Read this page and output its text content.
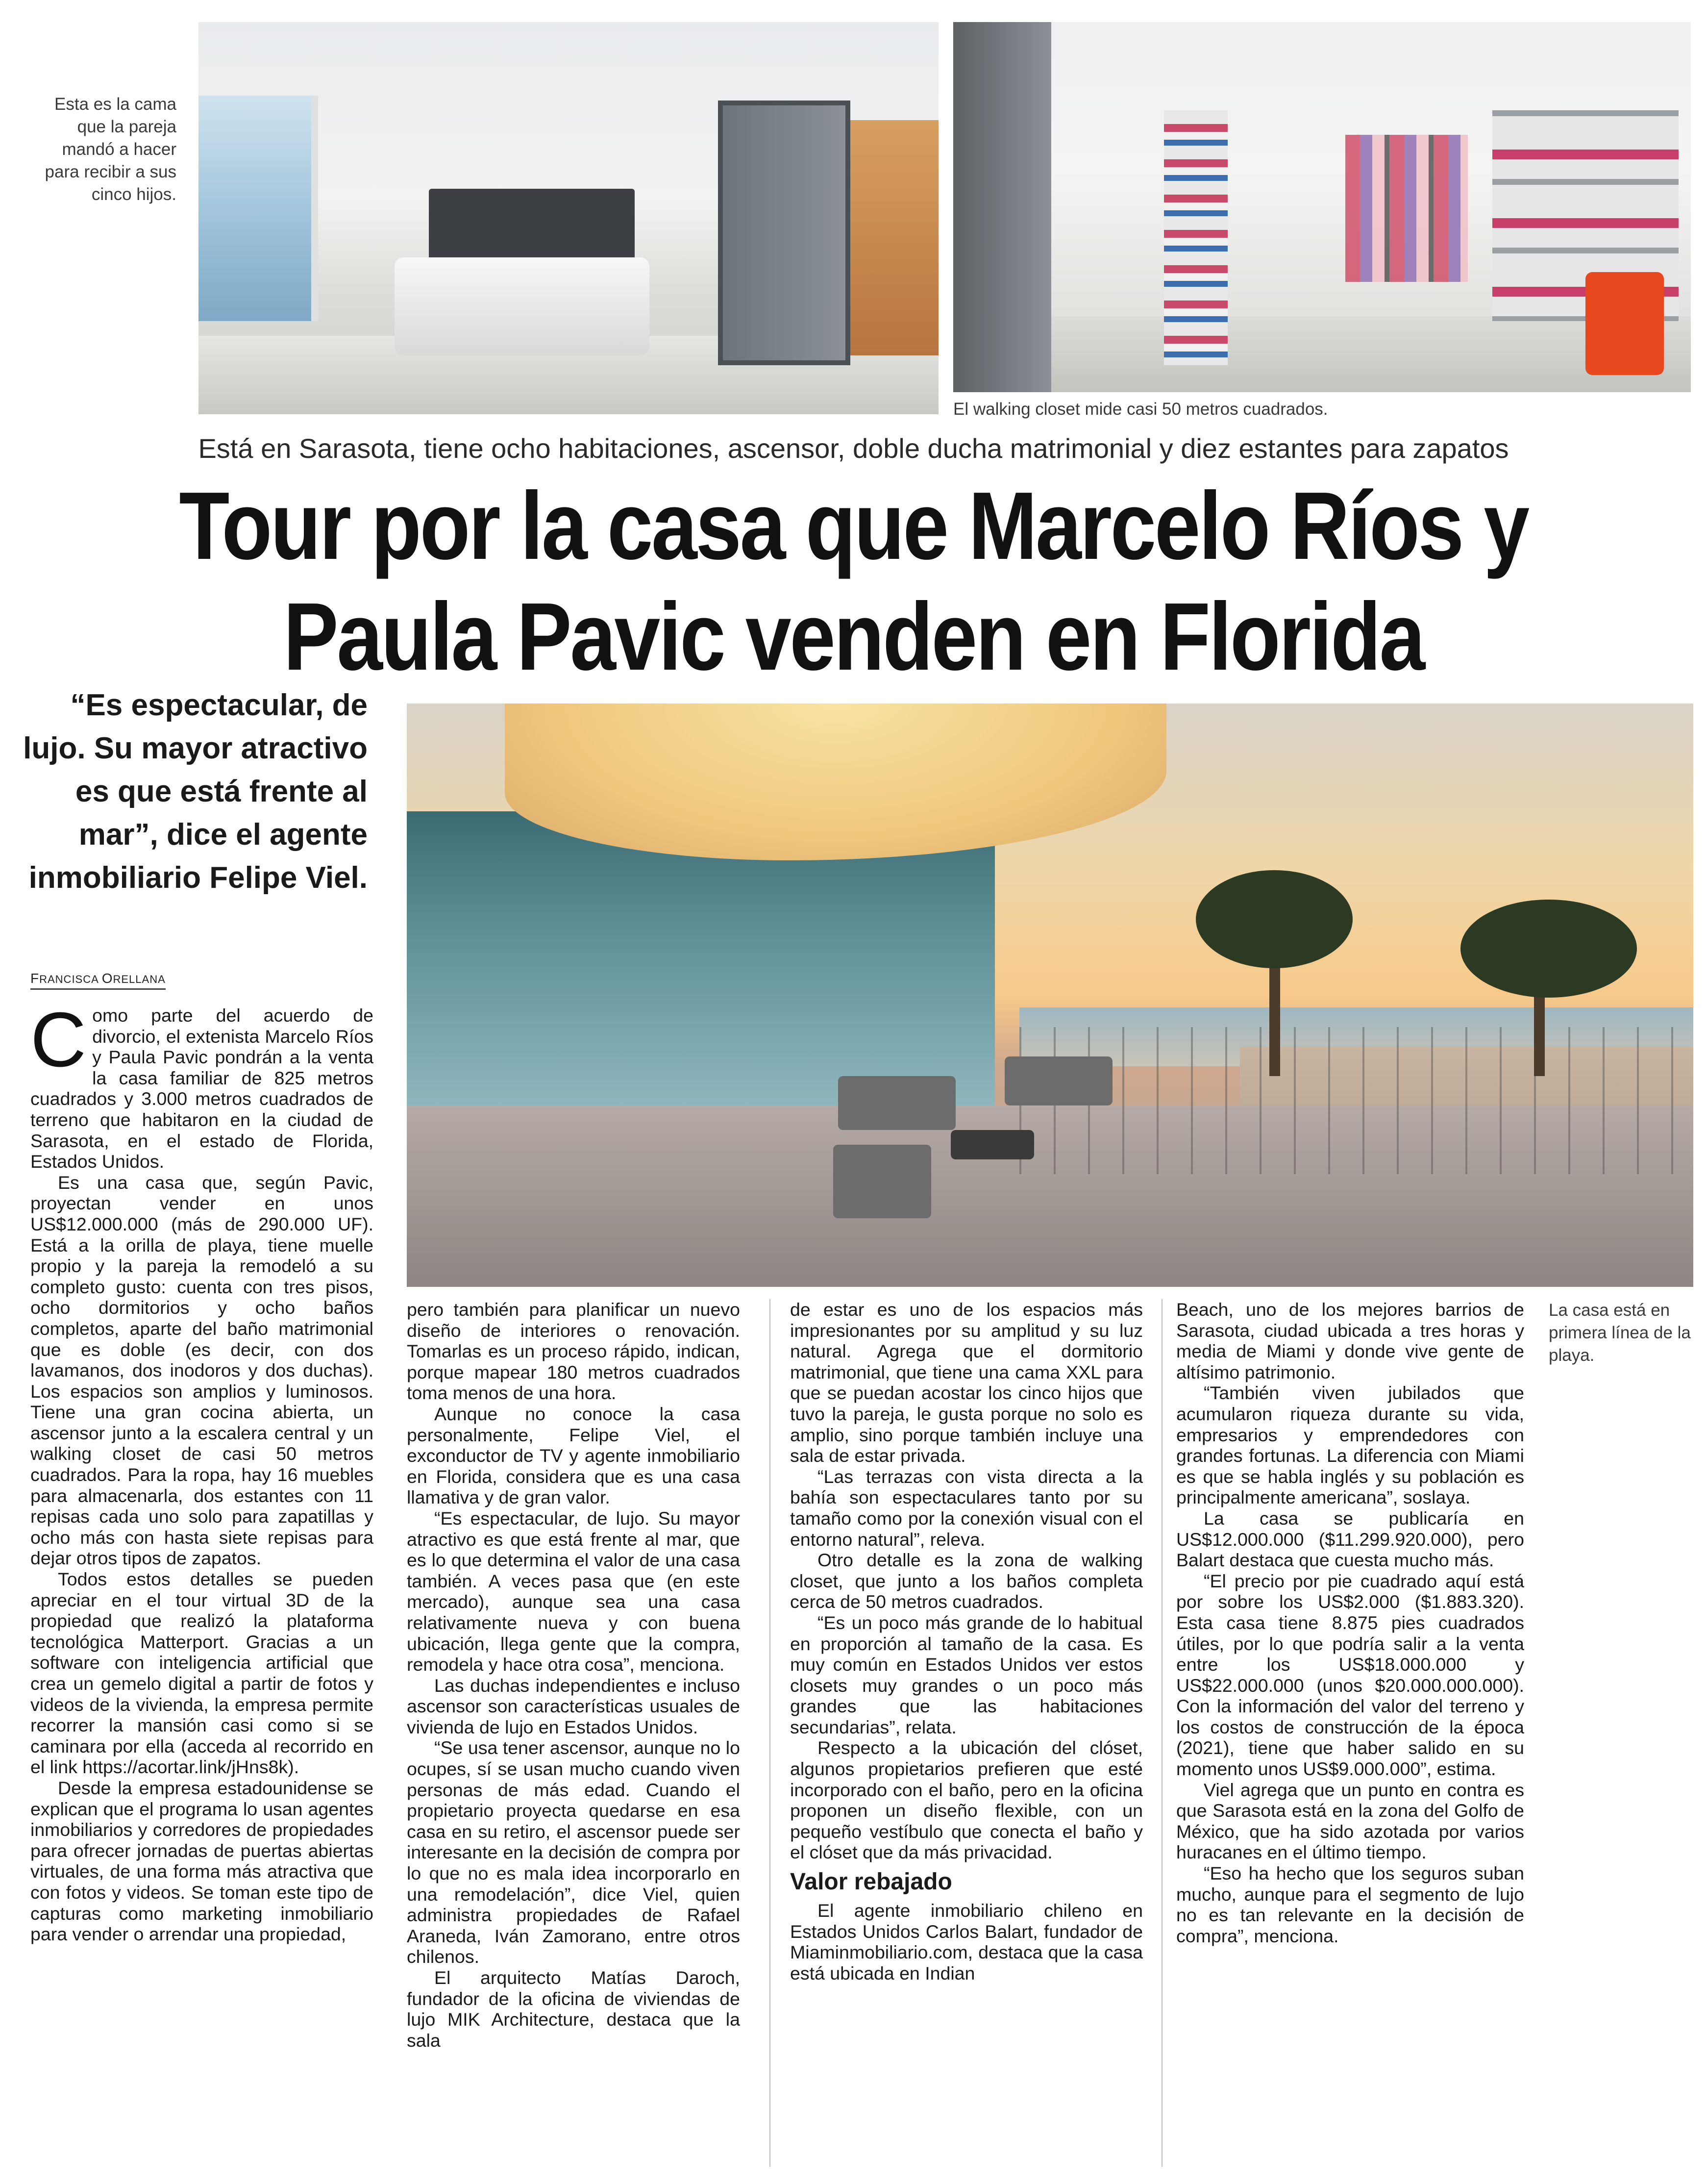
Esta es la cama que la pareja mandó a hacer para recibir a sus cinco hijos.
El walking closet mide casi 50 metros cuadrados.
Está en Sarasota, tiene ocho habitaciones, ascensor, doble ducha matrimonial y diez estantes para zapatos
Tour por la casa que Marcelo Ríos y
Paula Pavic venden en Florida
“Es espectacular, de lujo. Su mayor atractivo es que está frente al mar”, dice el agente inmobiliario Felipe Viel.
La casa está en primera línea de la playa.
FRANCISCA ORELLANA

Como parte del acuerdo de divorcio, el extenista Marcelo Ríos y Paula Pavic pondrán a la venta la casa familiar de 825 metros cuadrados y 3.000 metros cuadrados de terreno que habitaron en la ciudad de Sarasota, en el estado de Florida, Estados Unidos.

Es una casa que, según Pavic, proyectan vender en unos US$12.000.000 (más de 290.000 UF). Está a la orilla de playa, tiene muelle propio y la pareja la remodeló a su completo gusto: cuenta con tres pisos, ocho dormitorios y ocho baños completos, aparte del baño matrimonial que es doble (es decir, con dos lavamanos, dos inodoros y dos duchas). Los espacios son amplios y luminosos. Tiene una gran cocina abierta, un ascensor junto a la escalera central y un walking closet de casi 50 metros cuadrados. Para la ropa, hay 16 muebles para almacenarla, dos estantes con 11 repisas cada uno solo para zapatillas y ocho más con hasta siete repisas para dejar otros tipos de zapatos.

Todos estos detalles se pueden apreciar en el tour virtual 3D de la propiedad que realizó la plataforma tecnológica Matterport. Gracias a un software con inteligencia artificial que crea un gemelo digital a partir de fotos y videos de la vivienda, la empresa permite recorrer la mansión casi como si se caminara por ella (acceda al recorrido en el link https://acortar.link/jHns8k).

Desde la empresa estadounidense se explican que el programa lo usan agentes inmobiliarios y corredores de propiedades para ofrecer jornadas de puertas abiertas virtuales, de una forma más atractiva que con fotos y videos. Se toman este tipo de capturas como marketing inmobiliario para vender o arrendar una propiedad,

pero también para planificar un nuevo diseño de interiores o renovación. Tomarlas es un proceso rápido, indican, porque mapear 180 metros cuadrados toma menos de una hora.

Aunque no conoce la casa personalmente, Felipe Viel, el exconductor de TV y agente inmobiliario en Florida, considera que es una casa llamativa y de gran valor.

“Es espectacular, de lujo. Su mayor atractivo es que está frente al mar, que es lo que determina el valor de una casa también. A veces pasa que (en este mercado), aunque sea una casa relativamente nueva y con buena ubicación, llega gente que la compra, remodela y hace otra cosa”, menciona.

Las duchas independientes e incluso ascensor son características usuales de vivienda de lujo en Estados Unidos.

“Se usa tener ascensor, aunque no lo ocupes, sí se usan mucho cuando viven personas de más edad. Cuando el propietario proyecta quedarse en esa casa en su retiro, el ascensor puede ser interesante en la decisión de compra por lo que no es mala idea incorporarlo en una remodelación”, dice Viel, quien administra propiedades de Rafael Araneda, Iván Zamorano, entre otros chilenos.

El arquitecto Matías Daroch, fundador de la oficina de viviendas de lujo MIK Architecture, destaca que la sala

de estar es uno de los espacios más impresionantes por su amplitud y su luz natural. Agrega que el dormitorio matrimonial, que tiene una cama XXL para que se puedan acostar los cinco hijos que tuvo la pareja, le gusta porque no solo es amplio, sino porque también incluye una sala de estar privada.

“Las terrazas con vista directa a la bahía son espectaculares tanto por su tamaño como por la conexión visual con el entorno natural”, releva.

Otro detalle es la zona de walking closet, que junto a los baños completa cerca de 50 metros cuadrados.

“Es un poco más grande de lo habitual en proporción al tamaño de la casa. Es muy común en Estados Unidos ver estos closets muy grandes o un poco más grandes que las habitaciones secundarias”, relata.

Respecto a la ubicación del clóset, algunos propietarios prefieren que esté incorporado con el baño, pero en la oficina proponen un diseño flexible, con un pequeño vestíbulo que conecta el baño y el clóset que da más privacidad.

Valor rebajado

El agente inmobiliario chileno en Estados Unidos Carlos Balart, fundador de Miaminmobiliario.com, destaca que la casa está ubicada en Indian

Beach, uno de los mejores barrios de Sarasota, ciudad ubicada a tres horas y media de Miami y donde vive gente de altísimo patrimonio.

“También viven jubilados que acumularon riqueza durante su vida, empresarios y emprendedores con grandes fortunas. La diferencia con Miami es que se habla inglés y su población es principalmente americana”, soslaya.

La casa se publicaría en US$12.000.000 ($11.299.920.000), pero Balart destaca que cuesta mucho más.

“El precio por pie cuadrado aquí está por sobre los US$2.000 ($1.883.320). Esta casa tiene 8.875 pies cuadrados útiles, por lo que podría salir a la venta entre los US$18.000.000 y US$22.000.000 (unos $20.000.000.000). Con la información del valor del terreno y los costos de construcción de la época (2021), tiene que haber salido en su momento unos US$9.000.000”, estima.

Viel agrega que un punto en contra es que Sarasota está en la zona del Golfo de México, que ha sido azotada por varios huracanes en el último tiempo.

“Eso ha hecho que los seguros suban mucho, aunque para el segmento de lujo no es tan relevante en la decisión de compra”, menciona.
